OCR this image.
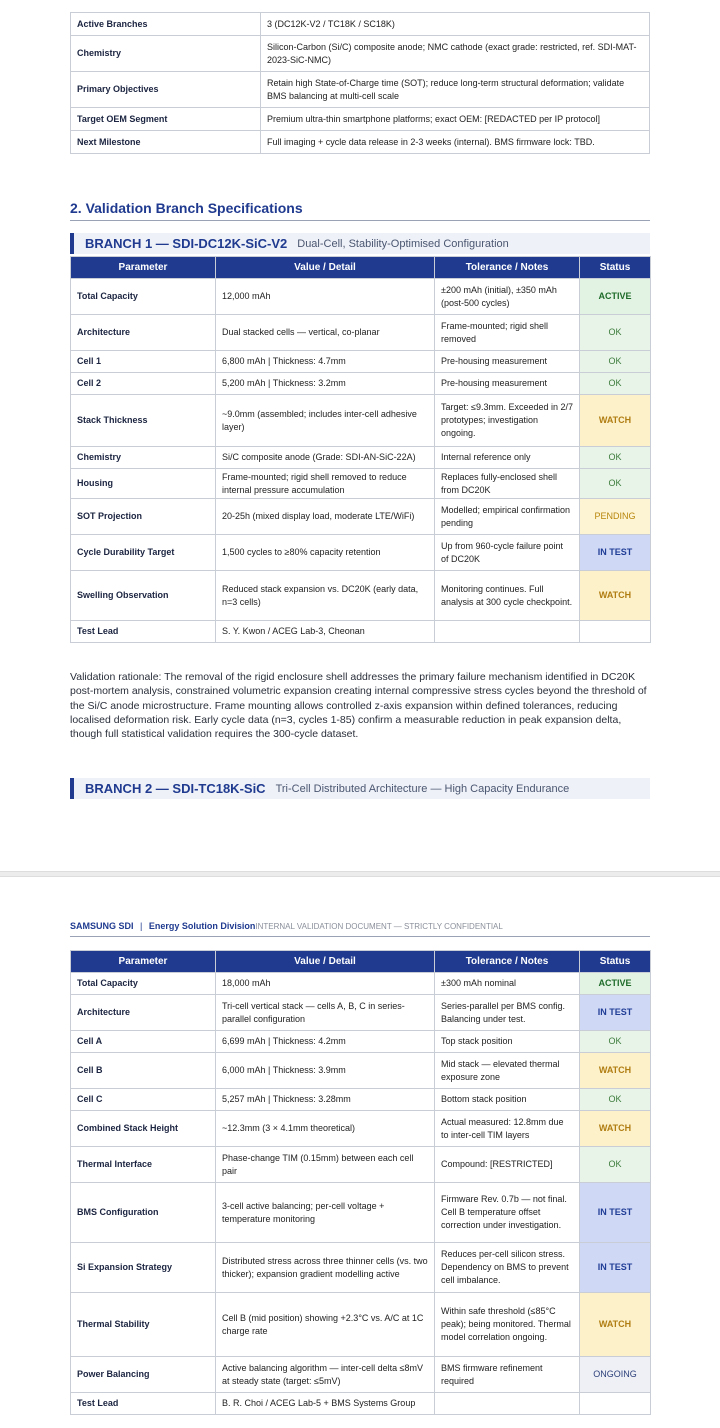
Active Branches	3 (DC12K-V2 / TC18K / SC18K)
Chemistry	Silicon-Carbon (Si/C) composite anode; NMC cathode (exact grade: restricted, ref. SDI-MAT-2023-SiC-NMC)
Primary Objectives	Retain high State-of-Charge time (SOT); reduce long-term structural deformation; validate BMS balancing at multi-cell scale
Target OEM Segment	Premium ultra-thin smartphone platforms; exact OEM: [REDACTED per IP protocol]
Next Milestone	Full imaging + cycle data release in 2-3 weeks (internal). BMS firmware lock: TBD.
2. Validation Branch Specifications
BRANCH 1 — SDI-DC12K-SiC-V2 Dual-Cell, Stability-Optimised Configuration
Parameter	Value / Detail	Tolerance / Notes	Status
Total Capacity	12,000 mAh	±200 mAh (initial), ±350 mAh (post-500 cycles)	ACTIVE
Architecture	Dual stacked cells — vertical, co-planar	Frame-mounted; rigid shell removed	OK
Cell 1	6,800 mAh | Thickness: 4.7mm	Pre-housing measurement	OK
Cell 2	5,200 mAh | Thickness: 3.2mm	Pre-housing measurement	OK
Stack Thickness	~9.0mm (assembled; includes inter-cell adhesive layer)	Target: ≤9.3mm. Exceeded in 2/7 prototypes; investigation ongoing.	WATCH
Chemistry	Si/C composite anode (Grade: SDI-AN-SiC-22A)	Internal reference only	OK
Housing	Frame-mounted; rigid shell removed to reduce internal pressure accumulation	Replaces fully-enclosed shell from DC20K	OK
SOT Projection	20-25h (mixed display load, moderate LTE/WiFi)	Modelled; empirical confirmation pending	PENDING
Cycle Durability Target	1,500 cycles to ≥80% capacity retention	Up from 960-cycle failure point of DC20K	IN TEST
Swelling Observation	Reduced stack expansion vs. DC20K (early data, n=3 cells)	Monitoring continues. Full analysis at 300 cycle checkpoint.	WATCH
Test Lead	S. Y. Kwon / ACEG Lab-3, Cheonan		
Validation rationale: The removal of the rigid enclosure shell addresses the primary failure mechanism identified in DC20K post-mortem analysis, constrained volumetric expansion creating internal compressive stress cycles beyond the threshold of the Si/C anode microstructure. Frame mounting allows controlled z-axis expansion within defined tolerances, reducing localised deformation risk. Early cycle data (n=3, cycles 1-85) confirm a measurable reduction in peak expansion delta, though full statistical validation requires the 300-cycle dataset.
BRANCH 2 — SDI-TC18K-SiC Tri-Cell Distributed Architecture — High Capacity Endurance
SAMSUNG SDI | Energy Solution DivisionINTERNAL VALIDATION DOCUMENT — STRICTLY CONFIDENTIAL
Parameter	Value / Detail	Tolerance / Notes	Status
Total Capacity	18,000 mAh	±300 mAh nominal	ACTIVE
Architecture	Tri-cell vertical stack — cells A, B, C in series-parallel configuration	Series-parallel per BMS config. Balancing under test.	IN TEST
Cell A	6,699 mAh | Thickness: 4.2mm	Top stack position	OK
Cell B	6,000 mAh | Thickness: 3.9mm	Mid stack — elevated thermal exposure zone	WATCH
Cell C	5,257 mAh | Thickness: 3.28mm	Bottom stack position	OK
Combined Stack Height	~12.3mm (3 × 4.1mm theoretical)	Actual measured: 12.8mm due to inter-cell TIM layers	WATCH
Thermal Interface	Phase-change TIM (0.15mm) between each cell pair	Compound: [RESTRICTED]	OK
BMS Configuration	3-cell active balancing; per-cell voltage + temperature monitoring	Firmware Rev. 0.7b — not final. Cell B temperature offset correction under investigation.	IN TEST
Si Expansion Strategy	Distributed stress across three thinner cells (vs. two thicker); expansion gradient modelling active	Reduces per-cell silicon stress. Dependency on BMS to prevent cell imbalance.	IN TEST
Thermal Stability	Cell B (mid position) showing +2.3°C vs. A/C at 1C charge rate	Within safe threshold (≤85°C peak); being monitored. Thermal model correlation ongoing.	WATCH
Power Balancing	Active balancing algorithm — inter-cell delta ≤8mV at steady state (target: ≤5mV)	BMS firmware refinement required	ONGOING
Test Lead	B. R. Choi / ACEG Lab-5 + BMS Systems Group		
